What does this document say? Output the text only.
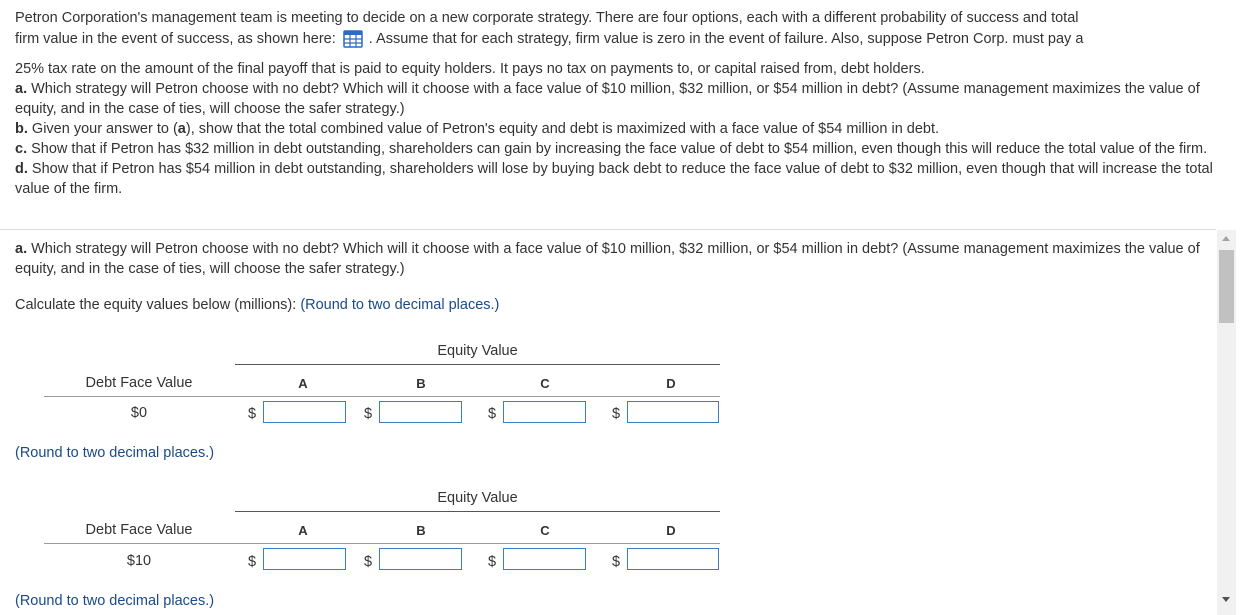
Petron Corporation's management team is meeting to decide on a new corporate strategy. There are four options, each with a different probability of success and total

firm value in the event of success, as shown here: . Assume that for each strategy, firm value is zero in the event of failure. Also, suppose Petron Corp. must pay a

25% tax rate on the amount of the final payoff that is paid to equity holders. It pays no tax on payments to, or capital raised from, debt holders.

a. Which strategy will Petron choose with no debt? Which will it choose with a face value of $10 million, $32 million, or $54 million in debt? (Assume management maximizes the value of equity, and in the case of ties, will choose the safer strategy.)

b. Given your answer to (a), show that the total combined value of Petron's equity and debt is maximized with a face value of $54 million in debt.

c. Show that if Petron has $32 million in debt outstanding, shareholders can gain by increasing the face value of debt to $54 million, even though this will reduce the total value of the firm.

d. Show that if Petron has $54 million in debt outstanding, shareholders will lose by buying back debt to reduce the face value of debt to $32 million, even though that will increase the total value of the firm.

a. Which strategy will Petron choose with no debt? Which will it choose with a face value of $10 million, $32 million, or $54 million in debt? (Assume management maximizes the value of equity, and in the case of ties, will choose the safer strategy.)
Calculate the equity values below (millions): (Round to two decimal places.)
Equity Value
Debt Face Value	A	B	C	D
$0	$	$	$	$
(Round to two decimal places.)
Equity Value
Debt Face Value	A	B	C	D
$10	$	$	$	$
(Round to two decimal places.)
